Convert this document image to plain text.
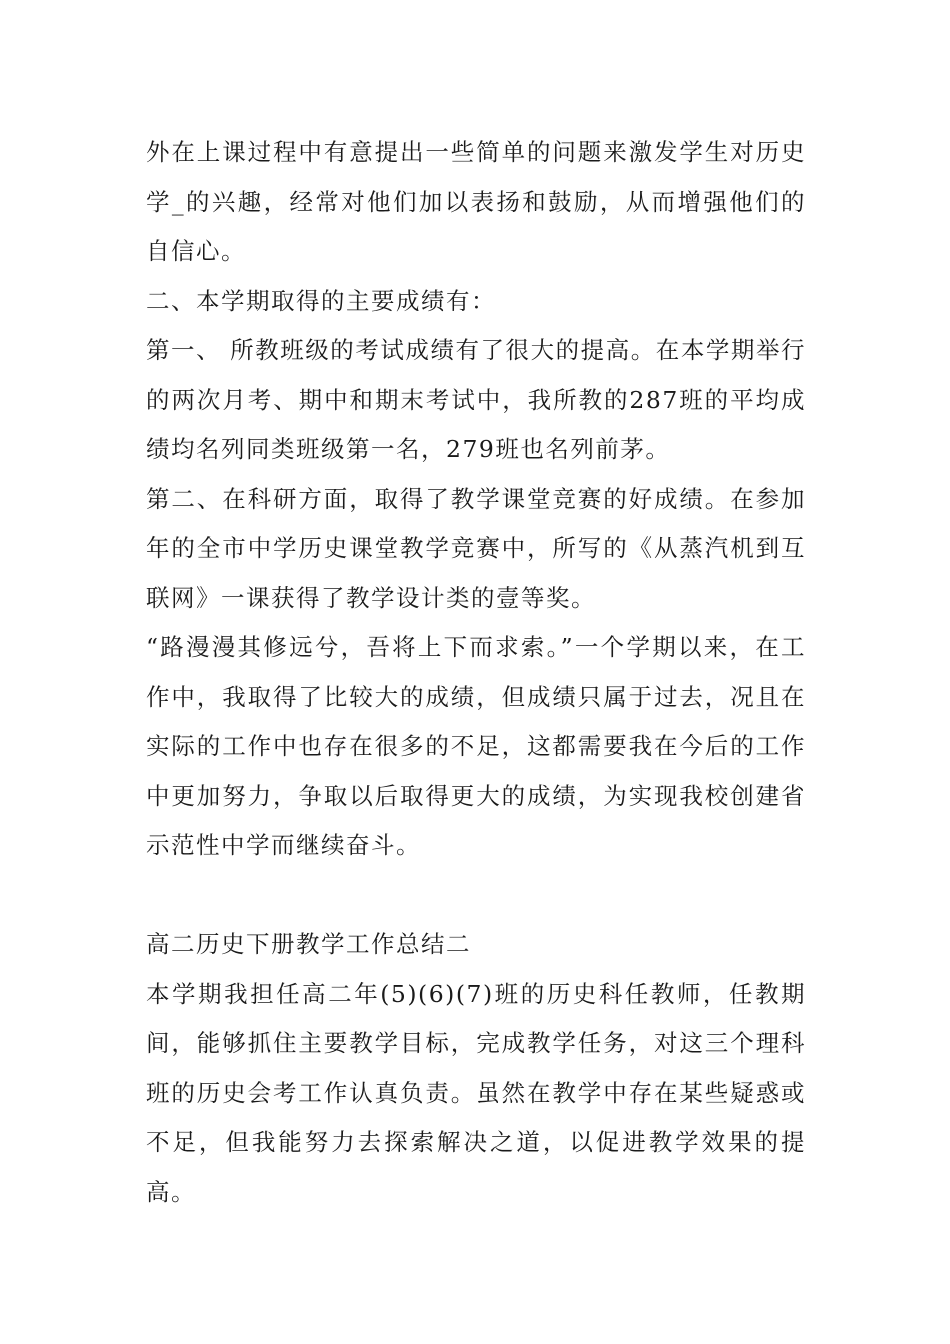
外在上课过程中有意提出一些简单的问题来激发学生对历史学_的兴趣，经常对他们加以表扬和鼓励，从而增强他们的自信心。

二、本学期取得的主要成绩有：

第一、 所教班级的考试成绩有了很大的提高。在本学期举行的两次月考、期中和期末考试中，我所教的287班的平均成绩均名列同类班级第一名，279班也名列前茅。

第二、在科研方面，取得了教学课堂竞赛的好成绩。在参加年的全市中学历史课堂教学竞赛中，所写的《从蒸汽机到互联网》一课获得了教学设计类的壹等奖。

“路漫漫其修远兮，吾将上下而求索。”一个学期以来，在工作中，我取得了比较大的成绩，但成绩只属于过去，况且在实际的工作中也存在很多的不足，这都需要我在今后的工作中更加努力，争取以后取得更大的成绩，为实现我校创建省示范性中学而继续奋斗。

高二历史下册教学工作总结二

本学期我担任高二年(5)(6)(7)班的历史科任教师，任教期间，能够抓住主要教学目标，完成教学任务，对这三个理科班的历史会考工作认真负责。虽然在教学中存在某些疑惑或不足，但我能努力去探索解决之道，以促进教学效果的提高。
